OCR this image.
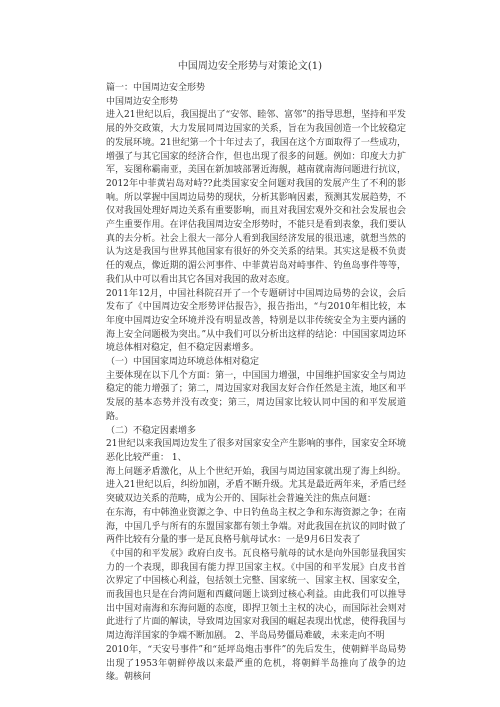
中国周边安全形势与对策论文(1)

篇一：中国周边安全形势

中国周边安全形势

进入21世纪以后，我国提出了“安邻、睦邻、富邻”的指导思想，坚持和平发展的外交政策，大力发展同周边国家的关系，旨在为我国创造一个比较稳定的发展环境。21世纪第一个十年过去了，我国在这个方面取得了一些成功，增强了与其它国家的经济合作，但也出现了很多的问题。例如：印度大力扩军，妄图称霸南亚，美国在新加坡部署近海舰，越南就南海问题进行抗议，2012年中菲黄岩岛对峙??此类国家安全问题对我国的发展产生了不利的影响。所以掌握中国周边局势的现状，分析其影响因素，预测其发展趋势，不仅对我国处理好周边关系有重要影响，而且对我国宏观外交和社会发展也会产生重要作用。在评估我国周边安全形势时，不能只是看到表象，我们要认真的去分析。社会上很大一部分人看到我国经济发展的很迅速，就想当然的认为这是我国与世界其他国家有很好的外交关系的结果。其实这是极不负责任的观点，像近期的湄公河事件、中菲黄岩岛对峙事件、钓鱼岛事件等等，我们从中可以看出其它各国对我国的敌对态度。

2011年12月，中国社科院召开了一个专题研讨中国周边局势的会议，会后发布了《中国周边安全形势评估报告》，报告指出，“与2010年相比较，本年度中国周边安全环境并没有明显改善，特别是以非传统安全为主要内涵的海上安全问题极为突出。”从中我们可以分析出这样的结论：中国国家周边环境总体相对稳定，但不稳定因素增多。

（一）中国国家周边环境总体相对稳定

主要体现在以下几个方面：第一，中国国力增强，中国维护国家安全与周边稳定的能力增强了；第二，周边国家对我国友好合作任然是主流，地区和平发展的基本态势并没有改变；第三，周边国家比较认同中国的和平发展道路。

（二）不稳定因素增多

21世纪以来我国周边发生了很多对国家安全产生影响的事件，国家安全环境恶化比较严重： 1、

海上问题矛盾激化，从上个世纪开始，我国与周边国家就出现了海上纠纷。进入21世纪以后，纠纷加剧，矛盾不断升级。尤其是最近两年来，矛盾已经突破双边关系的范畴，成为公开的、国际社会普遍关注的焦点问题：

在东海，有中韩渔业资源之争、中日钓鱼岛主权之争和东海资源之争；在南海，中国几乎与所有的东盟国家都有领土争端。对此我国在抗议的同时做了两件比较有分量的事一是瓦良格号航母试水：一是9月6日发表了

《中国的和平发展》政府白皮书。瓦良格号航母的试水是向外国彰显我国实力的一个表现，即我国有能力捍卫国家主权。《中国的和平发展》白皮书首次界定了中国核心利益，包括领土完整、国家统一、国家主权、国家安全，而我国也只是在台湾问题和西藏问题上谈到过核心利益。由此我们可以推导出中国对南海和东海问题的态度，即捍卫领土主权的决心，而国际社会则对此进行了片面的解读，导致周边国家对我国的崛起表现出忧虑，使得我国与周边海洋国家的争端不断加剧。 2、半岛局势僵局难破，未来走向不明

2010年，“天安号事件”和“延坪岛炮击事件”的先后发生，使朝鲜半岛局势出现了1953年朝鲜停战以来最严重的危机，将朝鲜半岛推向了战争的边缘。朝核问
